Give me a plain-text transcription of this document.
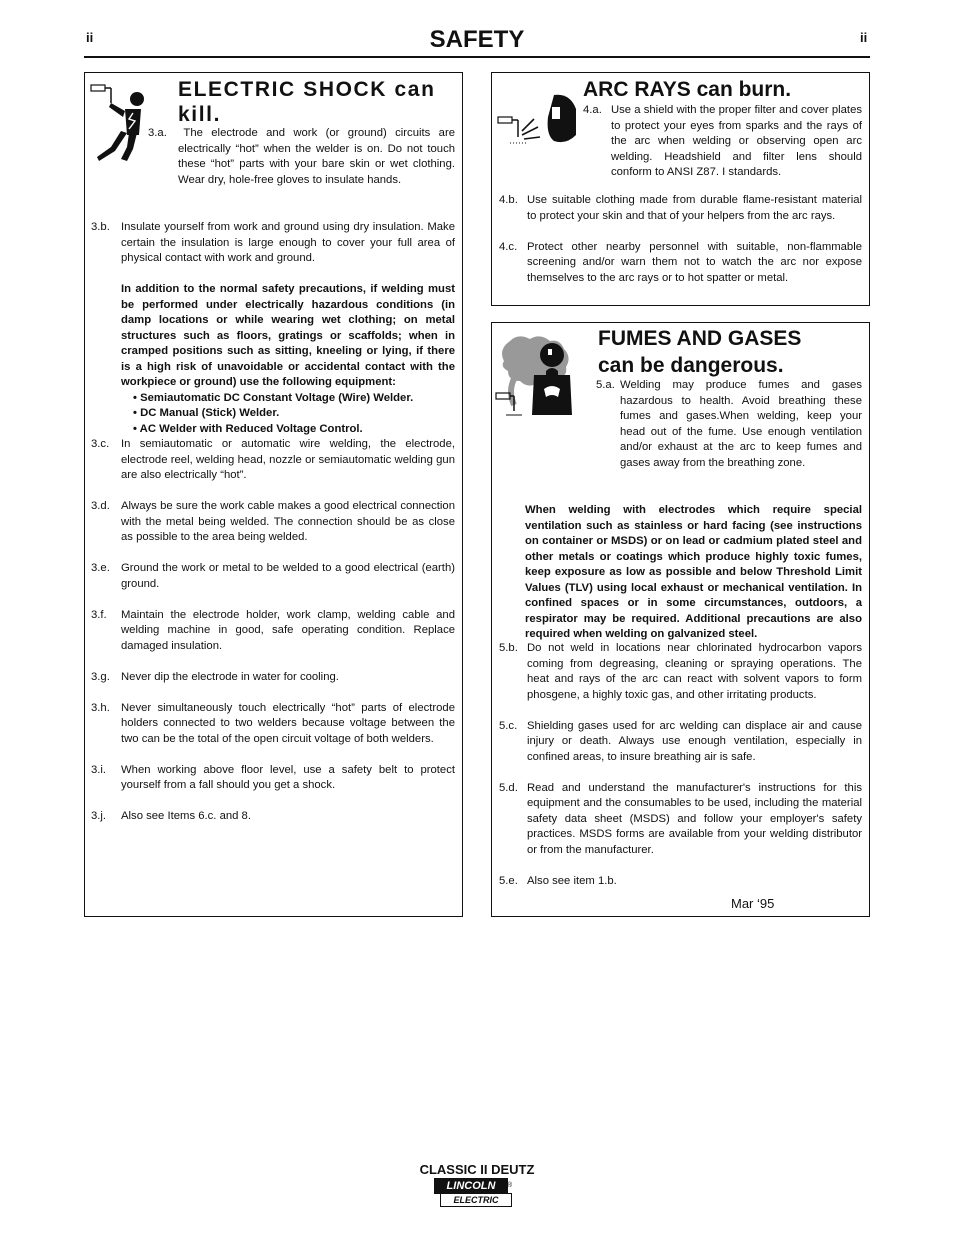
ii	ii
SAFETY
ELECTRIC SHOCK can
kill.
3.a. The electrode and work (or ground) circuits are electrically “hot” when the welder is on. Do not touch these “hot” parts with your bare skin or wet clothing. Wear dry, hole-free gloves to insulate hands.
3.b. Insulate yourself from work and ground using dry insulation. Make certain the insulation is large enough to cover your full area of physical contact with work and ground.
In addition to the normal safety precautions, if welding must be performed under electrically hazardous conditions (in damp locations or while wearing wet clothing; on metal structures such as floors, gratings or scaffolds; when in cramped positions such as sitting, kneeling or lying, if there is a high risk of unavoidable or accidental contact with the workpiece or ground) use the following equipment:
• Semiautomatic DC Constant Voltage (Wire) Welder.
• DC Manual (Stick) Welder.
• AC Welder with Reduced Voltage Control.
3.c. In semiautomatic or automatic wire welding, the electrode, electrode reel, welding head, nozzle or semiautomatic welding gun are also electrically “hot”.
3.d. Always be sure the work cable makes a good electrical connection with the metal being welded. The connection should be as close as possible to the area being welded.
3.e. Ground the work or metal to be welded to a good electrical (earth) ground.
3.f. Maintain the electrode holder, work clamp, welding cable and welding machine in good, safe operating condition. Replace damaged insulation.
3.g. Never dip the electrode in water for cooling.
3.h. Never simultaneously touch electrically “hot” parts of electrode holders connected to two welders because voltage between the two can be the total of the open circuit voltage of both welders.
3.i. When working above floor level, use a safety belt to protect yourself from a fall should you get a shock.
3.j. Also see Items 6.c. and 8.
ARC RAYS can burn.
4.a. Use a shield with the proper filter and cover plates to protect your eyes from sparks and the rays of the arc when welding or observing open arc welding. Headshield and filter lens should conform to ANSI Z87. I standards.
4.b. Use suitable clothing made from durable flame-resistant material to protect your skin and that of your helpers from the arc rays.
4.c. Protect other nearby personnel with suitable, non-flammable screening and/or warn them not to watch the arc nor expose themselves to the arc rays or to hot spatter or metal.
FUMES AND GASES
can be dangerous.
5.a. Welding may produce fumes and gases hazardous to health. Avoid breathing these fumes and gases.When welding, keep your head out of the fume. Use enough ventilation and/or exhaust at the arc to keep fumes and gases away from the breathing zone.
When welding with electrodes which require special ventilation such as stainless or hard facing (see instructions on container or MSDS) or on lead or cadmium plated steel and other metals or coatings which produce highly toxic fumes, keep exposure as low as possible and below Threshold Limit Values (TLV) using local exhaust or mechanical ventilation. In confined spaces or in some circumstances, outdoors, a respirator may be required. Additional precautions are also required when welding on galvanized steel.
5.b. Do not weld in locations near chlorinated hydrocarbon vapors coming from degreasing, cleaning or spraying operations. The heat and rays of the arc can react with solvent vapors to form phosgene, a highly toxic gas, and other irritating products.
5.c. Shielding gases used for arc welding can displace air and cause injury or death. Always use enough ventilation, especially in confined areas, to insure breathing air is safe.
5.d. Read and understand the manufacturer's instructions for this equipment and the consumables to be used, including the material safety data sheet (MSDS) and follow your employer's safety practices. MSDS forms are available from your welding distributor or from the manufacturer.
5.e. Also see item 1.b.
Mar ‘95
CLASSIC II DEUTZ
LINCOLN
ELECTRIC
®
